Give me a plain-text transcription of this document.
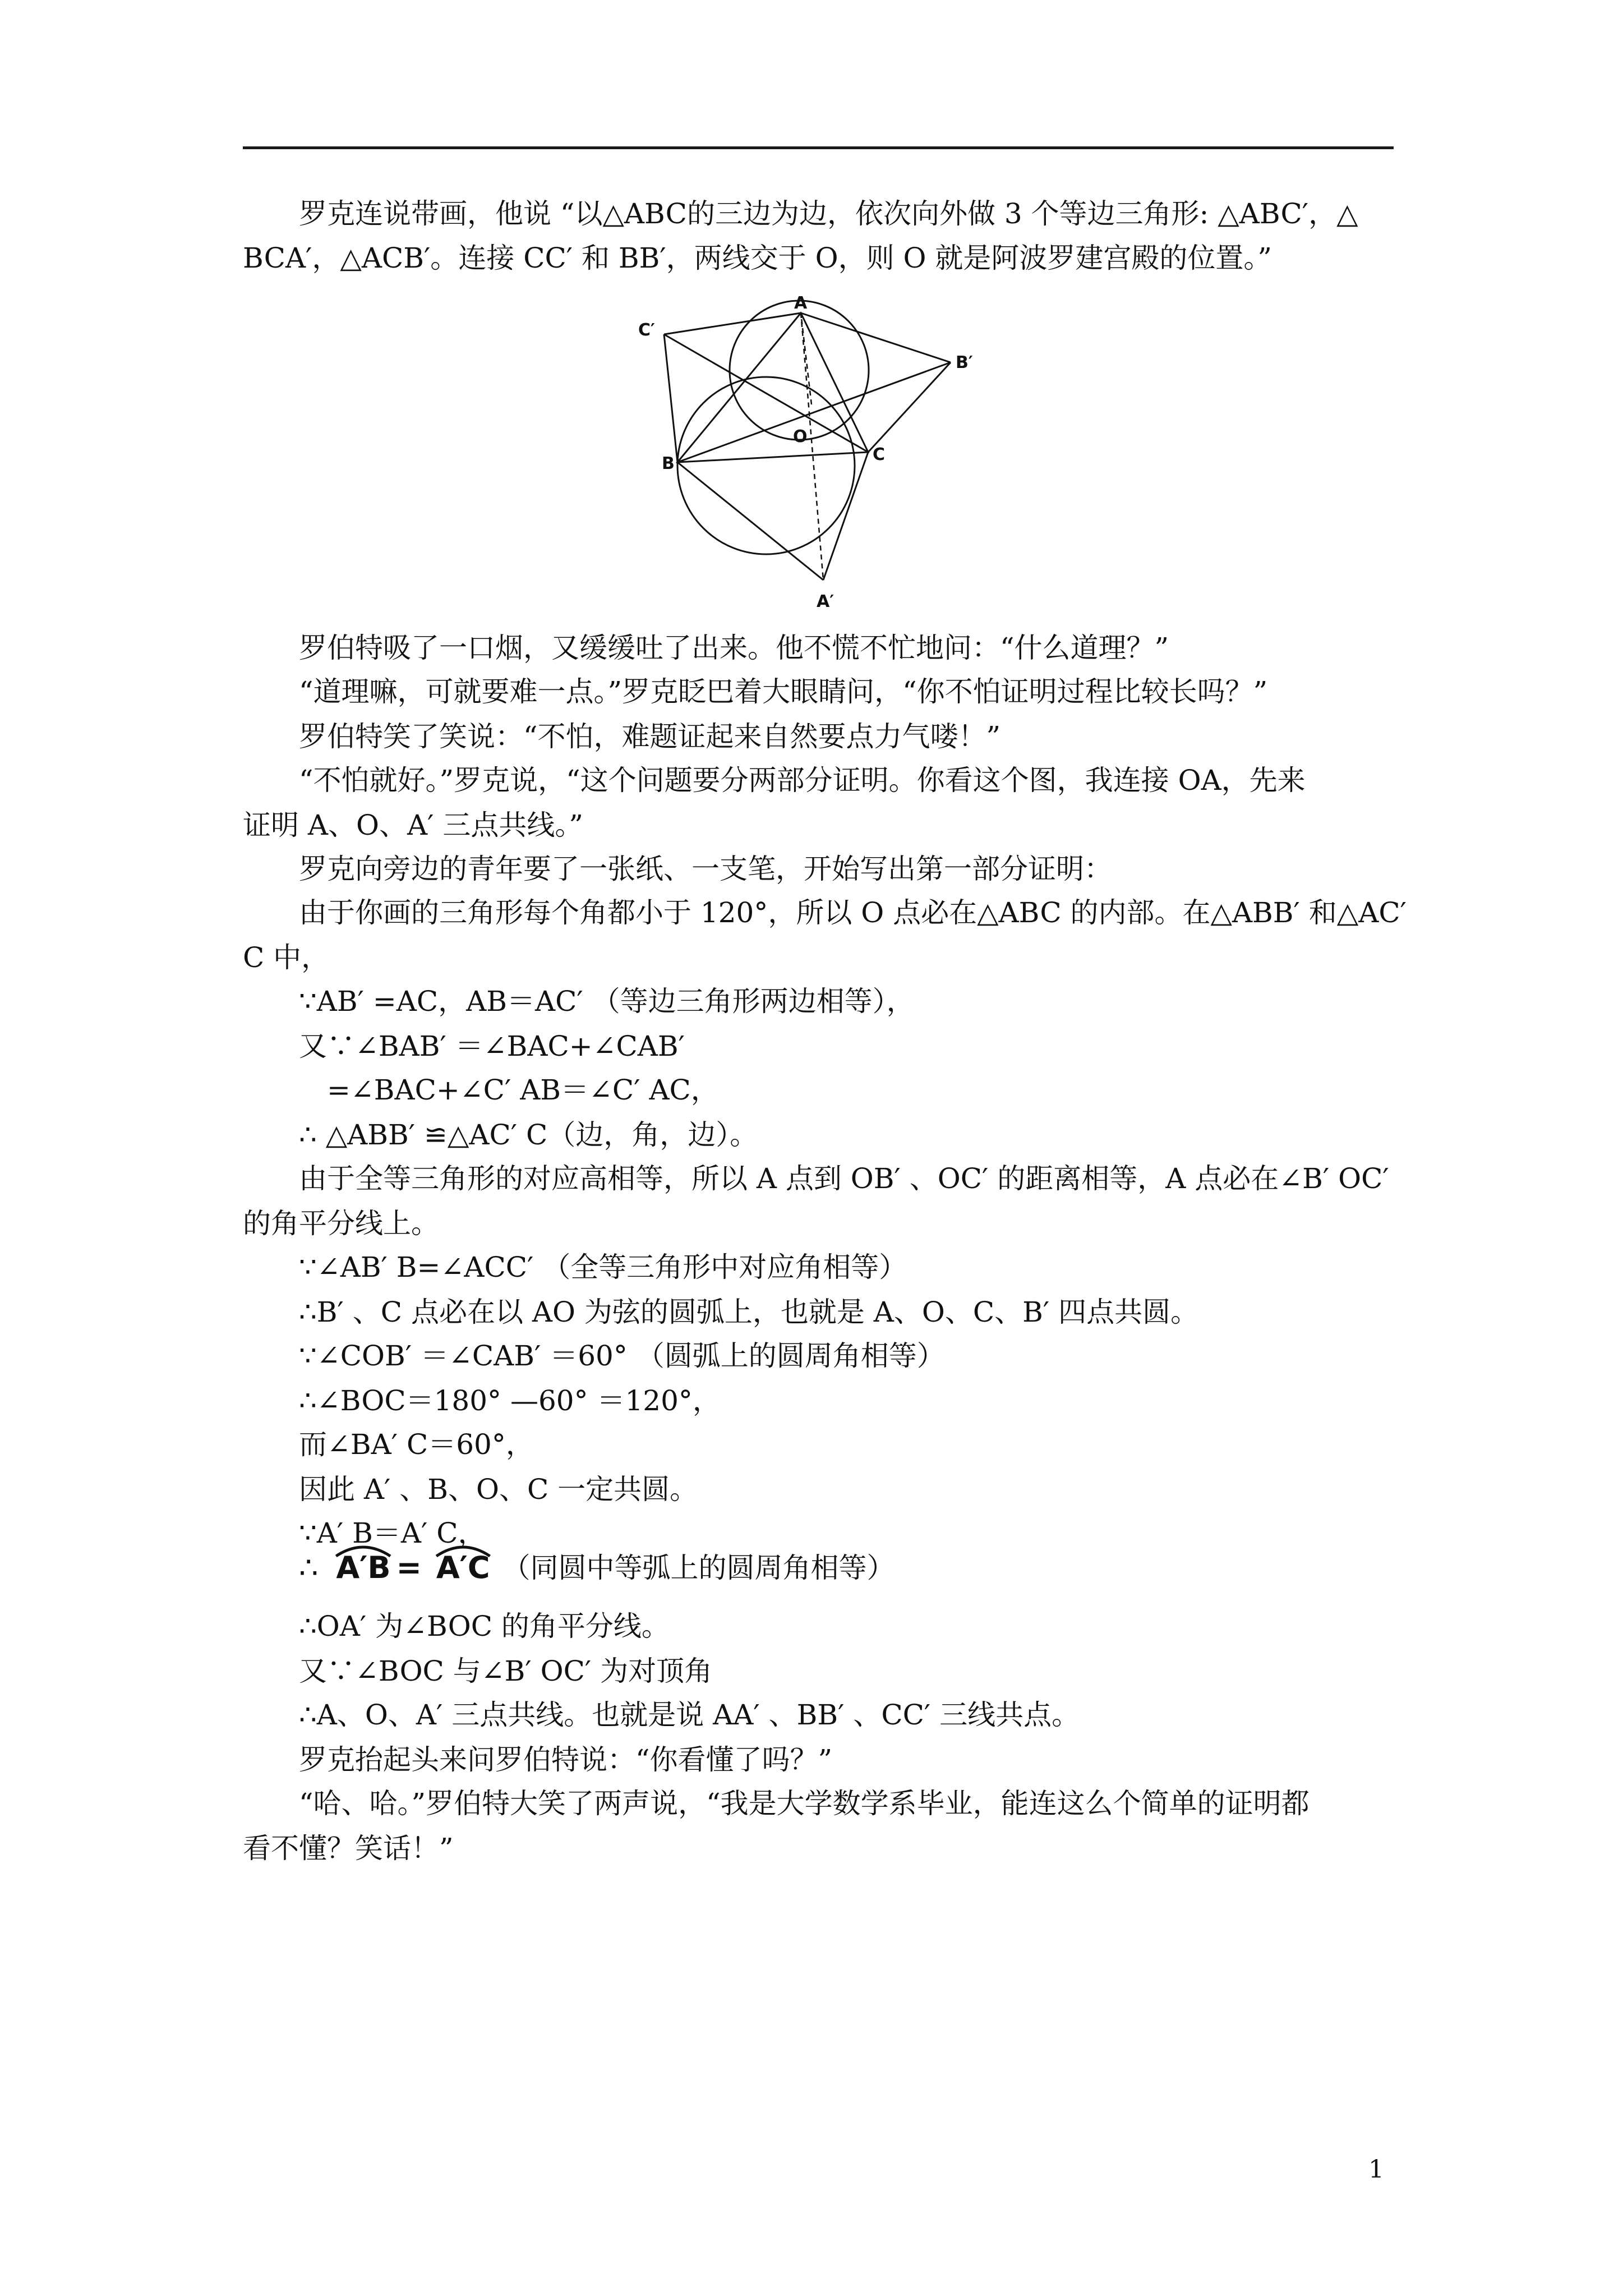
罗克连说带画，他说 “以△ABC的三边为边，依次向外做 3 个等边三角形: △ABC′，△
BCA′，△ACB′。连接 CC′ 和 BB′，两线交于 O，则 O 就是阿波罗建宫殿的位置。”
A
B	C
O
A′
B′
C′
罗伯特吸了一口烟，又缓缓吐了出来。他不慌不忙地问：“什么道理？”
“道理嘛，可就要难一点。”罗克眨巴着大眼睛问，“你不怕证明过程比较长吗？”
罗伯特笑了笑说：“不怕，难题证起来自然要点力气喽！”
“不怕就好。”罗克说，“这个问题要分两部分证明。你看这个图，我连接 OA，先来
证明 A、O、A′ 三点共线。”
罗克向旁边的青年要了一张纸、一支笔，开始写出第一部分证明：
由于你画的三角形每个角都小于 120°，所以 O 点必在△ABC 的内部。在△ABB′ 和△AC′
C 中，
∵AB′ =AC，AB＝AC′ （等边三角形两边相等），
又∵∠BAB′ ＝∠BAC+∠CAB′
=∠BAC+∠C′ AB＝∠C′ AC，
∴ △ABB′ ≌△AC′ C（边，角，边）。
由于全等三角形的对应高相等，所以 A 点到 OB′ 、OC′ 的距离相等，A 点必在∠B′ OC′
的角平分线上。
∵∠AB′ B=∠ACC′ （全等三角形中对应角相等）
∴B′ 、C 点必在以 AO 为弦的圆弧上，也就是 A、O、C、B′ 四点共圆。
∵∠COB′ ＝∠CAB′ ＝60° （圆弧上的圆周角相等）
∴∠BOC＝180° —60° ＝120°，
而∠BA′ C＝60°，
因此 A′ 、B、O、C 一定共圆。
∵A′ B＝A′ C，
∴ A′B = A′C （同圆中等弧上的圆周角相等）
∴OA′ 为∠BOC 的角平分线。
又∵∠BOC 与∠B′ OC′ 为对顶角
∴A、O、A′ 三点共线。也就是说 AA′ 、BB′ 、CC′ 三线共点。
罗克抬起头来问罗伯特说：“你看懂了吗？”
“哈、哈。”罗伯特大笑了两声说，“我是大学数学系毕业，能连这么个简单的证明都
看不懂？笑话！”
1
